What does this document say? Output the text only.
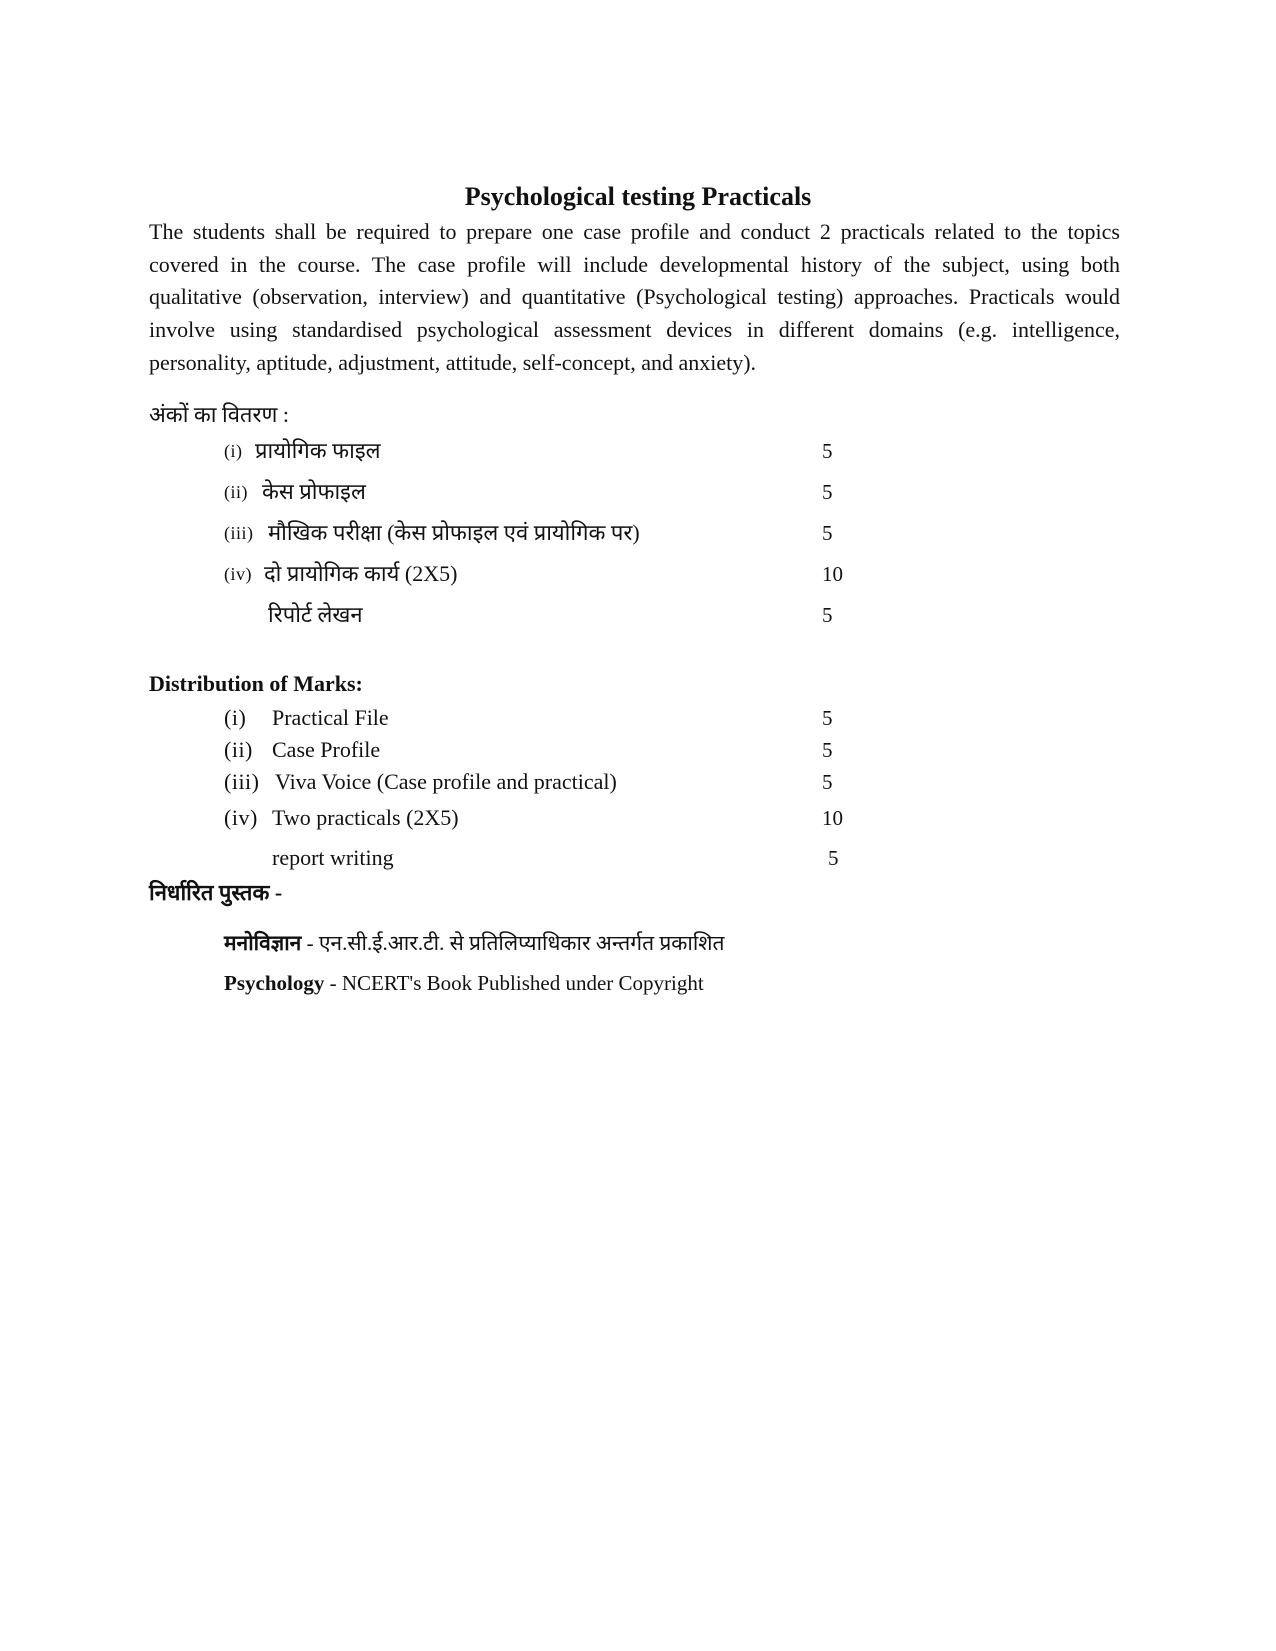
Psychological testing Practicals
The students shall be required to prepare one case profile and conduct 2 practicals related to the topics covered in the course. The case profile will include developmental history of the subject, using both qualitative (observation, interview) and quantitative (Psychological testing) approaches. Practicals would involve using standardised psychological assessment devices in different domains (e.g. intelligence, personality, aptitude, adjustment, attitude, self-concept, and anxiety).
अंकों का वितरण :
(i) प्रायोगिक फाइल	5
(ii) केस प्रोफाइल	5
(iii) मौखिक परीक्षा (केस प्रोफाइल एवं प्रायोगिक पर)	5
(iv) दो प्रायोगिक कार्य (2X5)	10
रिपोर्ट लेखन	5
Distribution of Marks:
(i) Practical File	5
(ii) Case Profile	5
(iii) Viva Voice (Case profile and practical)	5
(iv) Two practicals (2X5)	10
report writing	5
निर्धारित पुस्तक -
मनोविज्ञान - एन.सी.ई.आर.टी. से प्रतिलिप्याधिकार अन्तर्गत प्रकाशित
Psychology - NCERT's Book Published under Copyright
